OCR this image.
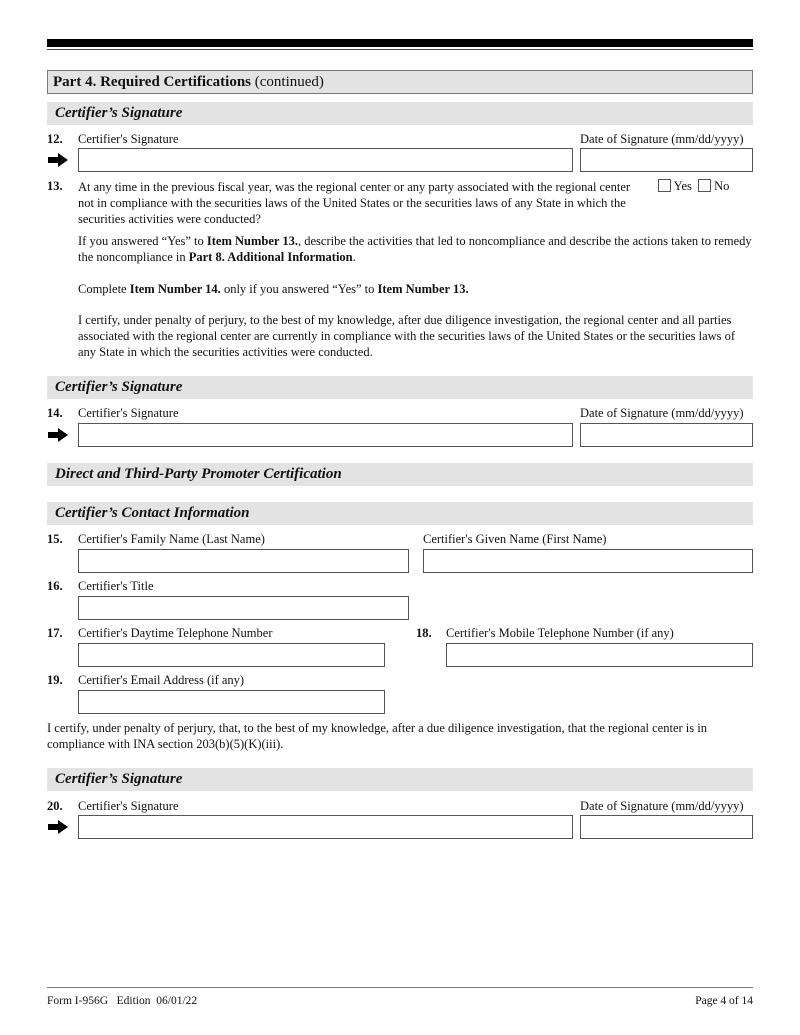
Part 4. Required Certifications (continued)
Certifier’s Signature
12. Certifier's Signature	Date of Signature (mm/dd/yyyy)
13. At any time in the previous fiscal year, was the regional center or any party associated with the regional center not in compliance with the securities laws of the United States or the securities laws of any State in which the securities activities were conducted?
Yes No
If you answered “Yes” to Item Number 13., describe the activities that led to noncompliance and describe the actions taken to remedy the noncompliance in Part 8. Additional Information.
Complete Item Number 14. only if you answered “Yes” to Item Number 13.
I certify, under penalty of perjury, to the best of my knowledge, after due diligence investigation, the regional center and all parties associated with the regional center are currently in compliance with the securities laws of the United States or the securities laws of any State in which the securities activities were conducted.
Certifier’s Signature
14. Certifier's Signature	Date of Signature (mm/dd/yyyy)
Direct and Third-Party Promoter Certification
Certifier’s Contact Information
15. Certifier's Family Name (Last Name)	Certifier's Given Name (First Name)
16. Certifier's Title
17. Certifier's Daytime Telephone Number	18. Certifier's Mobile Telephone Number (if any)
19. Certifier's Email Address (if any)
I certify, under penalty of perjury, that, to the best of my knowledge, after a due diligence investigation, that the regional center is in compliance with INA section 203(b)(5)(K)(iii).
Certifier’s Signature
20. Certifier's Signature	Date of Signature (mm/dd/yyyy)
Form I-956G   Edition  06/01/22	Page 4 of 14
